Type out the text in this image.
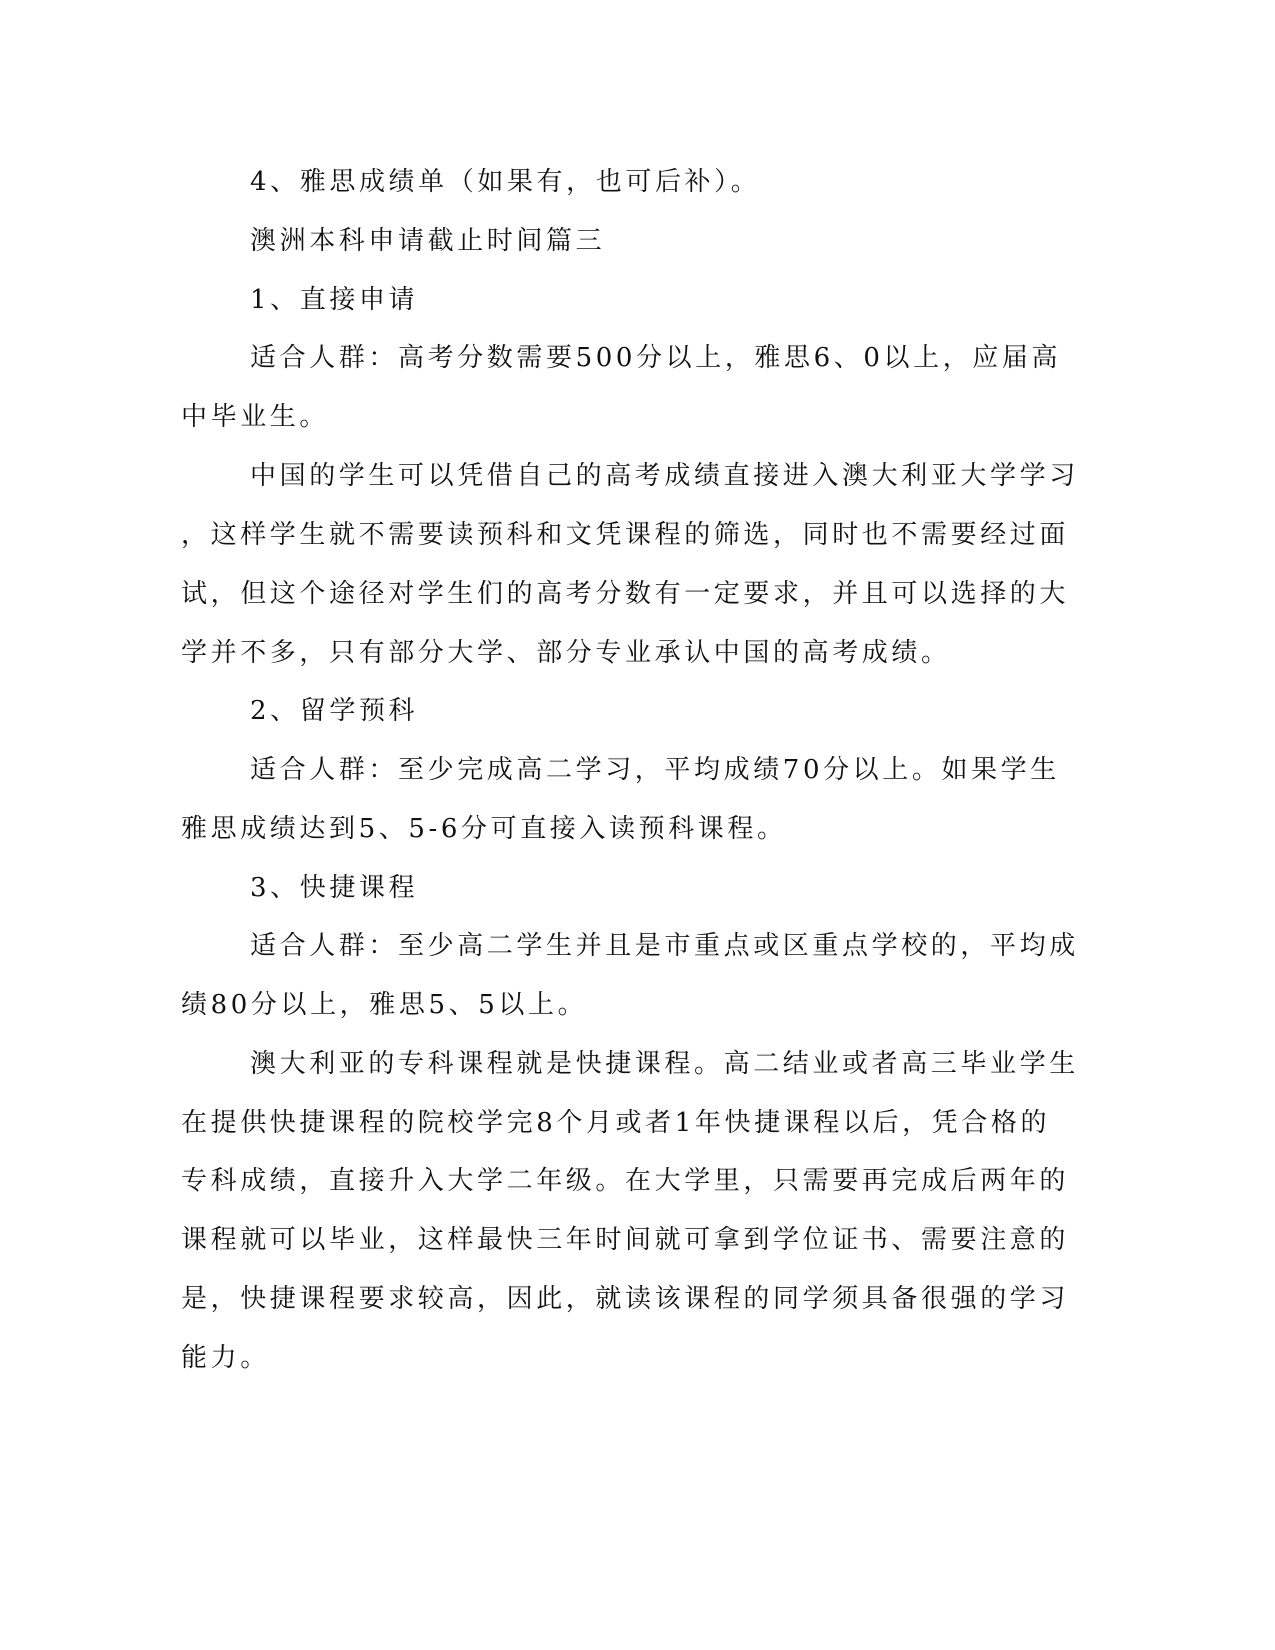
4、雅思成绩单（如果有，也可后补）。
澳洲本科申请截止时间篇三
1、直接申请
适合人群：高考分数需要500分以上，雅思6、0以上，应届高
中毕业生。
中国的学生可以凭借自己的高考成绩直接进入澳大利亚大学学习
，这样学生就不需要读预科和文凭课程的筛选，同时也不需要经过面
试，但这个途径对学生们的高考分数有一定要求，并且可以选择的大
学并不多，只有部分大学、部分专业承认中国的高考成绩。
2、留学预科
适合人群：至少完成高二学习，平均成绩70分以上。如果学生
雅思成绩达到5、5-6分可直接入读预科课程。
3、快捷课程
适合人群：至少高二学生并且是市重点或区重点学校的，平均成
绩80分以上，雅思5、5以上。
澳大利亚的专科课程就是快捷课程。高二结业或者高三毕业学生
在提供快捷课程的院校学完8个月或者1年快捷课程以后，凭合格的
专科成绩，直接升入大学二年级。在大学里，只需要再完成后两年的
课程就可以毕业，这样最快三年时间就可拿到学位证书、需要注意的
是，快捷课程要求较高，因此，就读该课程的同学须具备很强的学习
能力。
